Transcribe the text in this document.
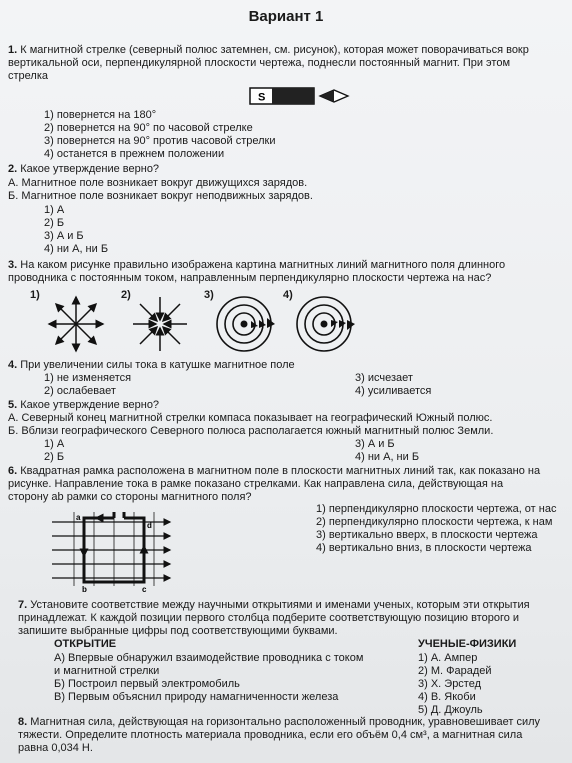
Вариант 1
1. К магнитной стрелке (северный полюс затемнен, см. рисунок), которая может поворачиваться вокр
вертикальной оси, перпендикулярной плоскости чертежа, поднесли постоянный магнит. При этом
стрелка
S
1) повернется на 180°
2) повернется на 90° по часовой стрелке
3) повернется на 90° против часовой стрелки
4) останется в прежнем положении
2. Какое утверждение верно?
А. Магнитное поле возникает вокруг движущихся зарядов.
Б. Магнитное поле возникает вокруг неподвижных зарядов.
1) А
2) Б
3) А и Б
4) ни А, ни Б
3. На каком рисунке правильно изображена картина магнитных линий магнитного поля длинного
проводника с постоянным током, направленным перпендикулярно плоскости чертежа на нас?
1)	2)	3)	4)
4. При увеличении силы тока в катушке магнитное поле
1) не изменяется
2) ослабевает
3) исчезает
4) усиливается
5. Какое утверждение верно?
А. Северный конец магнитной стрелки компаса показывает на географический Южный полюс.
Б. Вблизи географического Северного полюса располагается южный магнитный полюс Земли.
1) А
2) Б
3) А и Б
4) ни А, ни Б
6. Квадратная рамка расположена в магнитном поле в плоскости магнитных линий так, как показано на
рисунке. Направление тока в рамке показано стрелками. Как направлена сила, действующая на
сторону ab рамки со стороны магнитного поля?
a
d
b	c
1) перпендикулярно плоскости чертежа, от нас
2) перпендикулярно плоскости чертежа, к нам
3) вертикально вверх, в плоскости чертежа
4) вертикально вниз, в плоскости чертежа
7. Установите соответствие между научными открытиями и именами ученых, которым эти открытия
принадлежат. К каждой позиции первого столбца подберите соответствующую позицию второго и
запишите выбранные цифры под соответствующими буквами.
ОТКРЫТИЕ	УЧЕНЫЕ-ФИЗИКИ
А) Впервые обнаружил взаимодействие проводника с током
и магнитной стрелки
Б) Построил первый электромобиль
В) Первым объяснил природу намагниченности железа
1) А. Ампер
2) М. Фарадей
3) Х. Эрстед
4) В. Якоби
5) Д. Джоуль
8. Магнитная сила, действующая на горизонтально расположенный проводник, уравновешивает силу
тяжести. Определите плотность материала проводника, если его объём 0,4 см³, а магнитная сила
равна 0,034 Н.
